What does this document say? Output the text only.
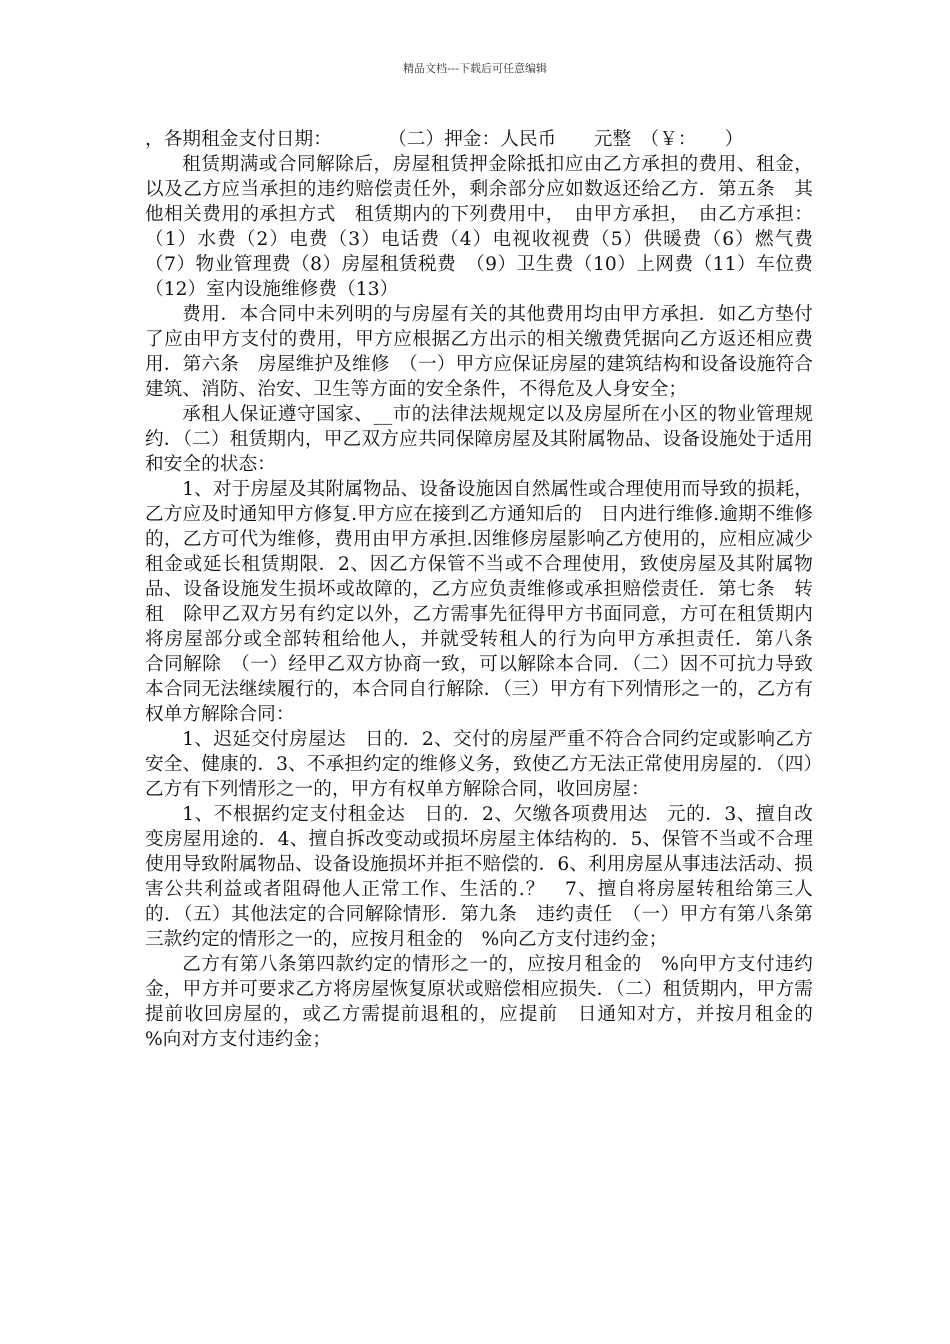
精品文档---下载后可任意编辑

，各期租金支付日期：　　　　（二）押金：人民币　　元整　（￥：　　）

租赁期满或合同解除后，房屋租赁押金除抵扣应由乙方承担的费用、租金，以及乙方应当承担的违约赔偿责任外，剩余部分应如数返还给乙方．第五条　其他相关费用的承担方式　租赁期内的下列费用中，　由甲方承担，　由乙方承担：（1）水费（2）电费（3）电话费（4）电视收视费（5）供暖费（6）燃气费（7）物业管理费（8）房屋租赁税费　（9）卫生费（10）上网费（11）车位费（12）室内设施维修费（13）

费用．本合同中未列明的与房屋有关的其他费用均由甲方承担．如乙方垫付了应由甲方支付的费用，甲方应根据乙方出示的相关缴费凭据向乙方返还相应费用．第六条　房屋维护及维修　（一）甲方应保证房屋的建筑结构和设备设施符合建筑、消防、治安、卫生等方面的安全条件，不得危及人身安全；

承租人保证遵守国家、__市的法律法规规定以及房屋所在小区的物业管理规约．（二）租赁期内，甲乙双方应共同保障房屋及其附属物品、设备设施处于适用和安全的状态：

1、对于房屋及其附属物品、设备设施因自然属性或合理使用而导致的损耗，乙方应及时通知甲方修复.甲方应在接到乙方通知后的　日内进行维修.逾期不维修的，乙方可代为维修，费用由甲方承担.因维修房屋影响乙方使用的，应相应减少租金或延长租赁期限．2、因乙方保管不当或不合理使用，致使房屋及其附属物品、设备设施发生损坏或故障的，乙方应负责维修或承担赔偿责任．第七条　转租　除甲乙双方另有约定以外，乙方需事先征得甲方书面同意，方可在租赁期内将房屋部分或全部转租给他人，并就受转租人的行为向甲方承担责任．第八条　合同解除　（一）经甲乙双方协商一致，可以解除本合同．（二）因不可抗力导致本合同无法继续履行的，本合同自行解除．（三）甲方有下列情形之一的，乙方有权单方解除合同：

1、迟延交付房屋达　日的．2、交付的房屋严重不符合合同约定或影响乙方安全、健康的．3、不承担约定的维修义务，致使乙方无法正常使用房屋的．（四）乙方有下列情形之一的，甲方有权单方解除合同，收回房屋：

1、不根据约定支付租金达　日的．2、欠缴各项费用达　元的．3、擅自改变房屋用途的．4、擅自拆改变动或损坏房屋主体结构的．5、保管不当或不合理使用导致附属物品、设备设施损坏并拒不赔偿的．6、利用房屋从事违法活动、损害公共利益或者阻碍他人正常工作、生活的.？　7、擅自将房屋转租给第三人的．（五）其他法定的合同解除情形．第九条　违约责任　（一）甲方有第八条第三款约定的情形之一的，应按月租金的　%向乙方支付违约金；

乙方有第八条第四款约定的情形之一的，应按月租金的　%向甲方支付违约金，甲方并可要求乙方将房屋恢复原状或赔偿相应损失．（二）租赁期内，甲方需提前收回房屋的，或乙方需提前退租的，应提前　日通知对方，并按月租金的　%向对方支付违约金；
